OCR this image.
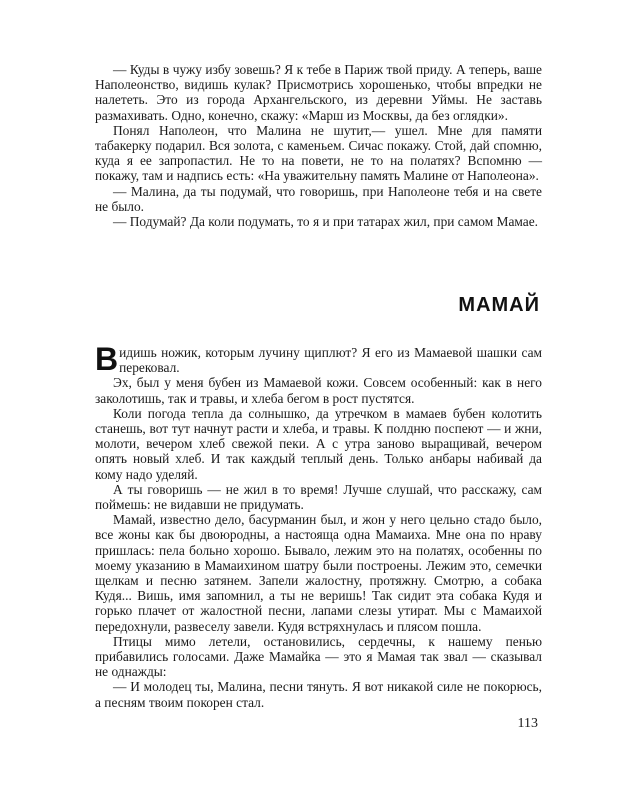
— Куды в чужу избу зовешь? Я к тебе в Париж твой приду. А теперь, ваше Наполеонство, видишь кулак? Присмотрись хорошенько, чтобы впредки не налететь. Это из города Архангельского, из деревни Уймы. Не заставь размахивать. Одно, конечно, скажу: «Марш из Москвы, да без оглядки».

Понял Наполеон, что Малина не шутит,— ушел. Мне для памяти табакерку подарил. Вся золота, с каменьем. Сичас покажу. Стой, дай спомню, куда я ее запропастил. Не то на повети, не то на полатях? Вспомню — покажу, там и надпись есть: «На уважительну память Малине от Наполеона».

— Малина, да ты подумай, что говоришь, при Наполеоне тебя и на свете не было.

— Подумай? Да коли подумать, то я и при татарах жил, при самом Мамае.

МАМАЙ

Видишь ножик, которым лучину щиплют? Я его из Мамаевой шашки сам перековал.

Эх, был у меня бубен из Мамаевой кожи. Совсем особенный: как в него заколотишь, так и травы, и хлеба бегом в рост пустятся.

Коли погода тепла да солнышко, да утречком в мамаев бубен колотить станешь, вот тут начнут расти и хлеба, и травы. К полдню поспеют — и жни, молоти, вечером хлеб свежой пеки. А с утра заново выращивай, вечером опять новый хлеб. И так каждый теплый день. Только анбары набивай да кому надо уделяй.

А ты говоришь — не жил в то время! Лучше слушай, что расскажу, сам поймешь: не видавши не придумать.

Мамай, известно дело, басурманин был, и жон у него цельно стадо было, все жоны как бы двоюродны, а настояща одна Мамаиха. Мне она по нраву пришлась: пела больно хорошо. Бывало, лежим это на полатях, особенны по моему указанию в Мамаихином шатру были построены. Лежим это, семечки щелкам и песню затянем. Запели жалостну, протяжну. Смотрю, а собака Кудя... Вишь, имя запомнил, а ты не веришь! Так сидит эта собака Кудя и горько плачет от жалостной песни, лапами слезы утират. Мы с Мамаихой передохнули, развеселу завели. Кудя встряхнулась и плясом пошла.

Птицы мимо летели, остановились, сердечны, к нашему пенью прибавились голосами. Даже Мамайка — это я Мамая так звал — сказывал не однажды:

— И молодец ты, Малина, песни тянуть. Я вот никакой силе не покорюсь, а песням твоим покорен стал.

113
